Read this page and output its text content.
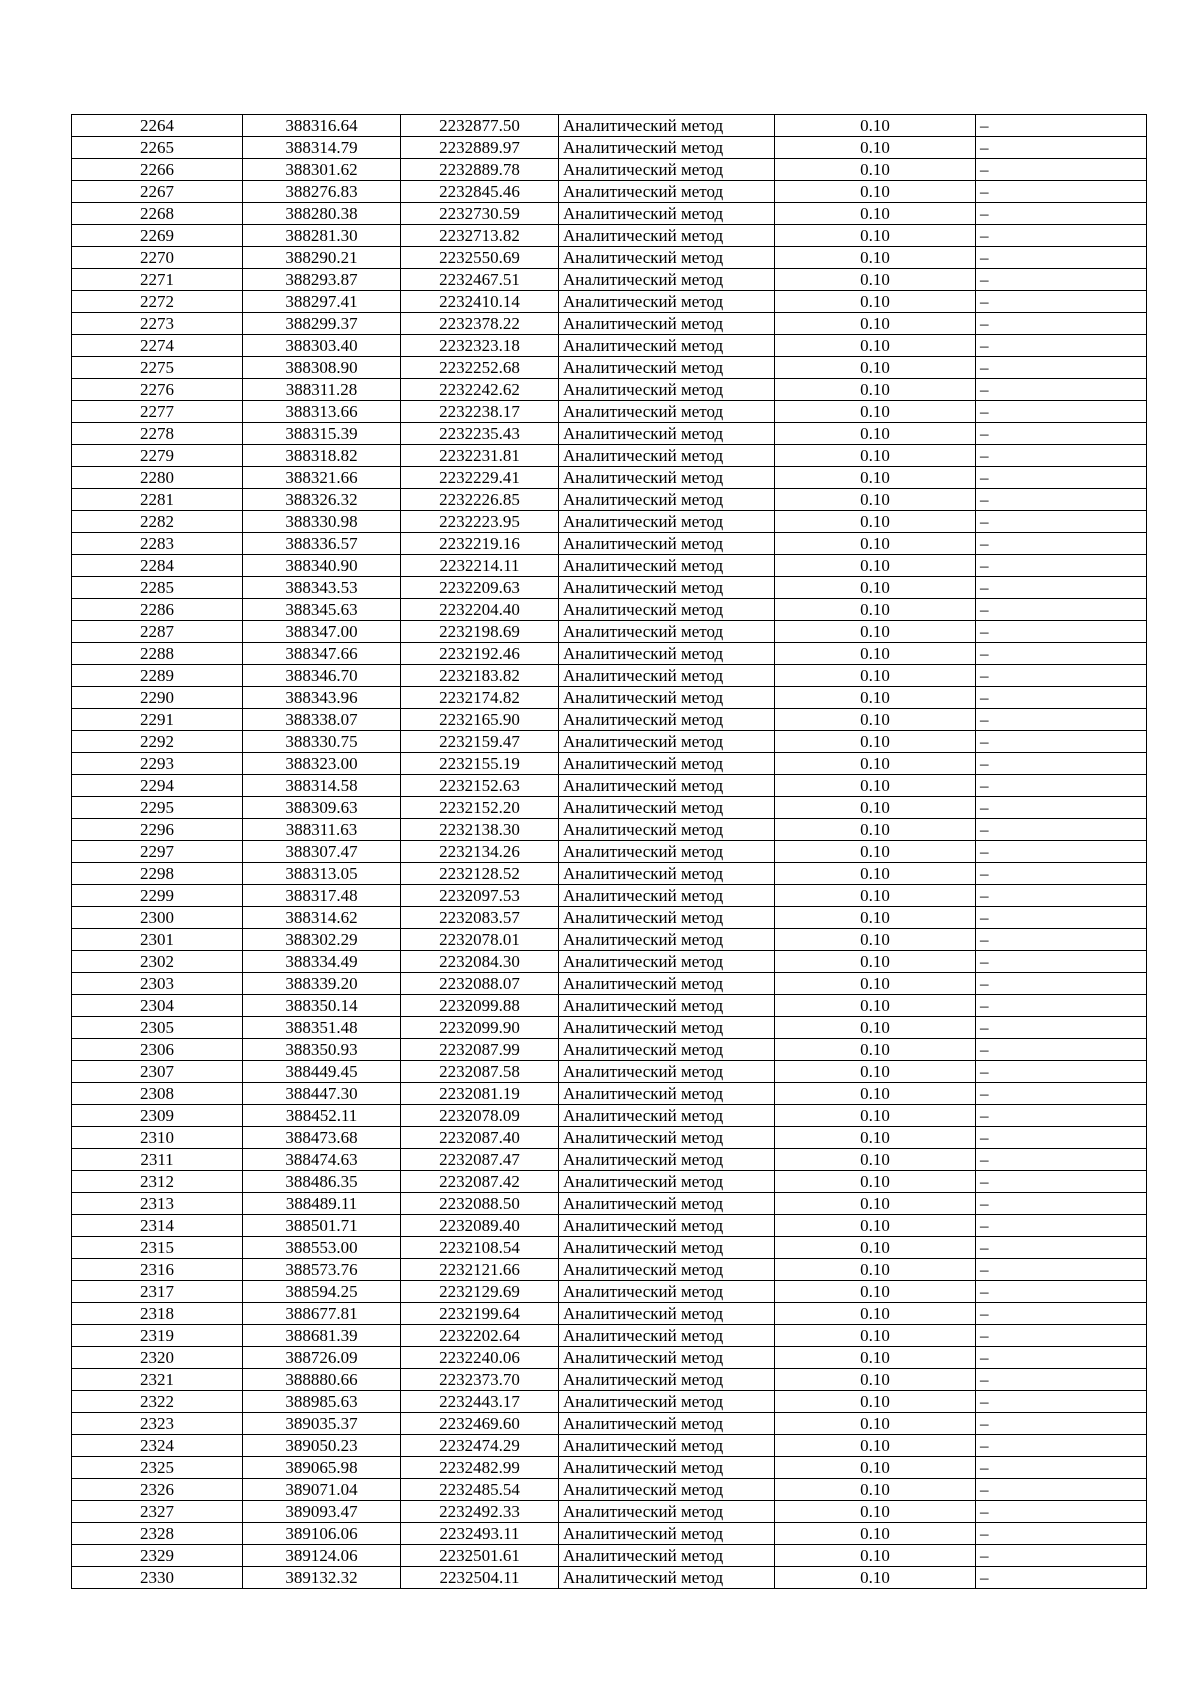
2264	388316.64	2232877.50	Аналитический метод	0.10	–
2265	388314.79	2232889.97	Аналитический метод	0.10	–
2266	388301.62	2232889.78	Аналитический метод	0.10	–
2267	388276.83	2232845.46	Аналитический метод	0.10	–
2268	388280.38	2232730.59	Аналитический метод	0.10	–
2269	388281.30	2232713.82	Аналитический метод	0.10	–
2270	388290.21	2232550.69	Аналитический метод	0.10	–
2271	388293.87	2232467.51	Аналитический метод	0.10	–
2272	388297.41	2232410.14	Аналитический метод	0.10	–
2273	388299.37	2232378.22	Аналитический метод	0.10	–
2274	388303.40	2232323.18	Аналитический метод	0.10	–
2275	388308.90	2232252.68	Аналитический метод	0.10	–
2276	388311.28	2232242.62	Аналитический метод	0.10	–
2277	388313.66	2232238.17	Аналитический метод	0.10	–
2278	388315.39	2232235.43	Аналитический метод	0.10	–
2279	388318.82	2232231.81	Аналитический метод	0.10	–
2280	388321.66	2232229.41	Аналитический метод	0.10	–
2281	388326.32	2232226.85	Аналитический метод	0.10	–
2282	388330.98	2232223.95	Аналитический метод	0.10	–
2283	388336.57	2232219.16	Аналитический метод	0.10	–
2284	388340.90	2232214.11	Аналитический метод	0.10	–
2285	388343.53	2232209.63	Аналитический метод	0.10	–
2286	388345.63	2232204.40	Аналитический метод	0.10	–
2287	388347.00	2232198.69	Аналитический метод	0.10	–
2288	388347.66	2232192.46	Аналитический метод	0.10	–
2289	388346.70	2232183.82	Аналитический метод	0.10	–
2290	388343.96	2232174.82	Аналитический метод	0.10	–
2291	388338.07	2232165.90	Аналитический метод	0.10	–
2292	388330.75	2232159.47	Аналитический метод	0.10	–
2293	388323.00	2232155.19	Аналитический метод	0.10	–
2294	388314.58	2232152.63	Аналитический метод	0.10	–
2295	388309.63	2232152.20	Аналитический метод	0.10	–
2296	388311.63	2232138.30	Аналитический метод	0.10	–
2297	388307.47	2232134.26	Аналитический метод	0.10	–
2298	388313.05	2232128.52	Аналитический метод	0.10	–
2299	388317.48	2232097.53	Аналитический метод	0.10	–
2300	388314.62	2232083.57	Аналитический метод	0.10	–
2301	388302.29	2232078.01	Аналитический метод	0.10	–
2302	388334.49	2232084.30	Аналитический метод	0.10	–
2303	388339.20	2232088.07	Аналитический метод	0.10	–
2304	388350.14	2232099.88	Аналитический метод	0.10	–
2305	388351.48	2232099.90	Аналитический метод	0.10	–
2306	388350.93	2232087.99	Аналитический метод	0.10	–
2307	388449.45	2232087.58	Аналитический метод	0.10	–
2308	388447.30	2232081.19	Аналитический метод	0.10	–
2309	388452.11	2232078.09	Аналитический метод	0.10	–
2310	388473.68	2232087.40	Аналитический метод	0.10	–
2311	388474.63	2232087.47	Аналитический метод	0.10	–
2312	388486.35	2232087.42	Аналитический метод	0.10	–
2313	388489.11	2232088.50	Аналитический метод	0.10	–
2314	388501.71	2232089.40	Аналитический метод	0.10	–
2315	388553.00	2232108.54	Аналитический метод	0.10	–
2316	388573.76	2232121.66	Аналитический метод	0.10	–
2317	388594.25	2232129.69	Аналитический метод	0.10	–
2318	388677.81	2232199.64	Аналитический метод	0.10	–
2319	388681.39	2232202.64	Аналитический метод	0.10	–
2320	388726.09	2232240.06	Аналитический метод	0.10	–
2321	388880.66	2232373.70	Аналитический метод	0.10	–
2322	388985.63	2232443.17	Аналитический метод	0.10	–
2323	389035.37	2232469.60	Аналитический метод	0.10	–
2324	389050.23	2232474.29	Аналитический метод	0.10	–
2325	389065.98	2232482.99	Аналитический метод	0.10	–
2326	389071.04	2232485.54	Аналитический метод	0.10	–
2327	389093.47	2232492.33	Аналитический метод	0.10	–
2328	389106.06	2232493.11	Аналитический метод	0.10	–
2329	389124.06	2232501.61	Аналитический метод	0.10	–
2330	389132.32	2232504.11	Аналитический метод	0.10	–
